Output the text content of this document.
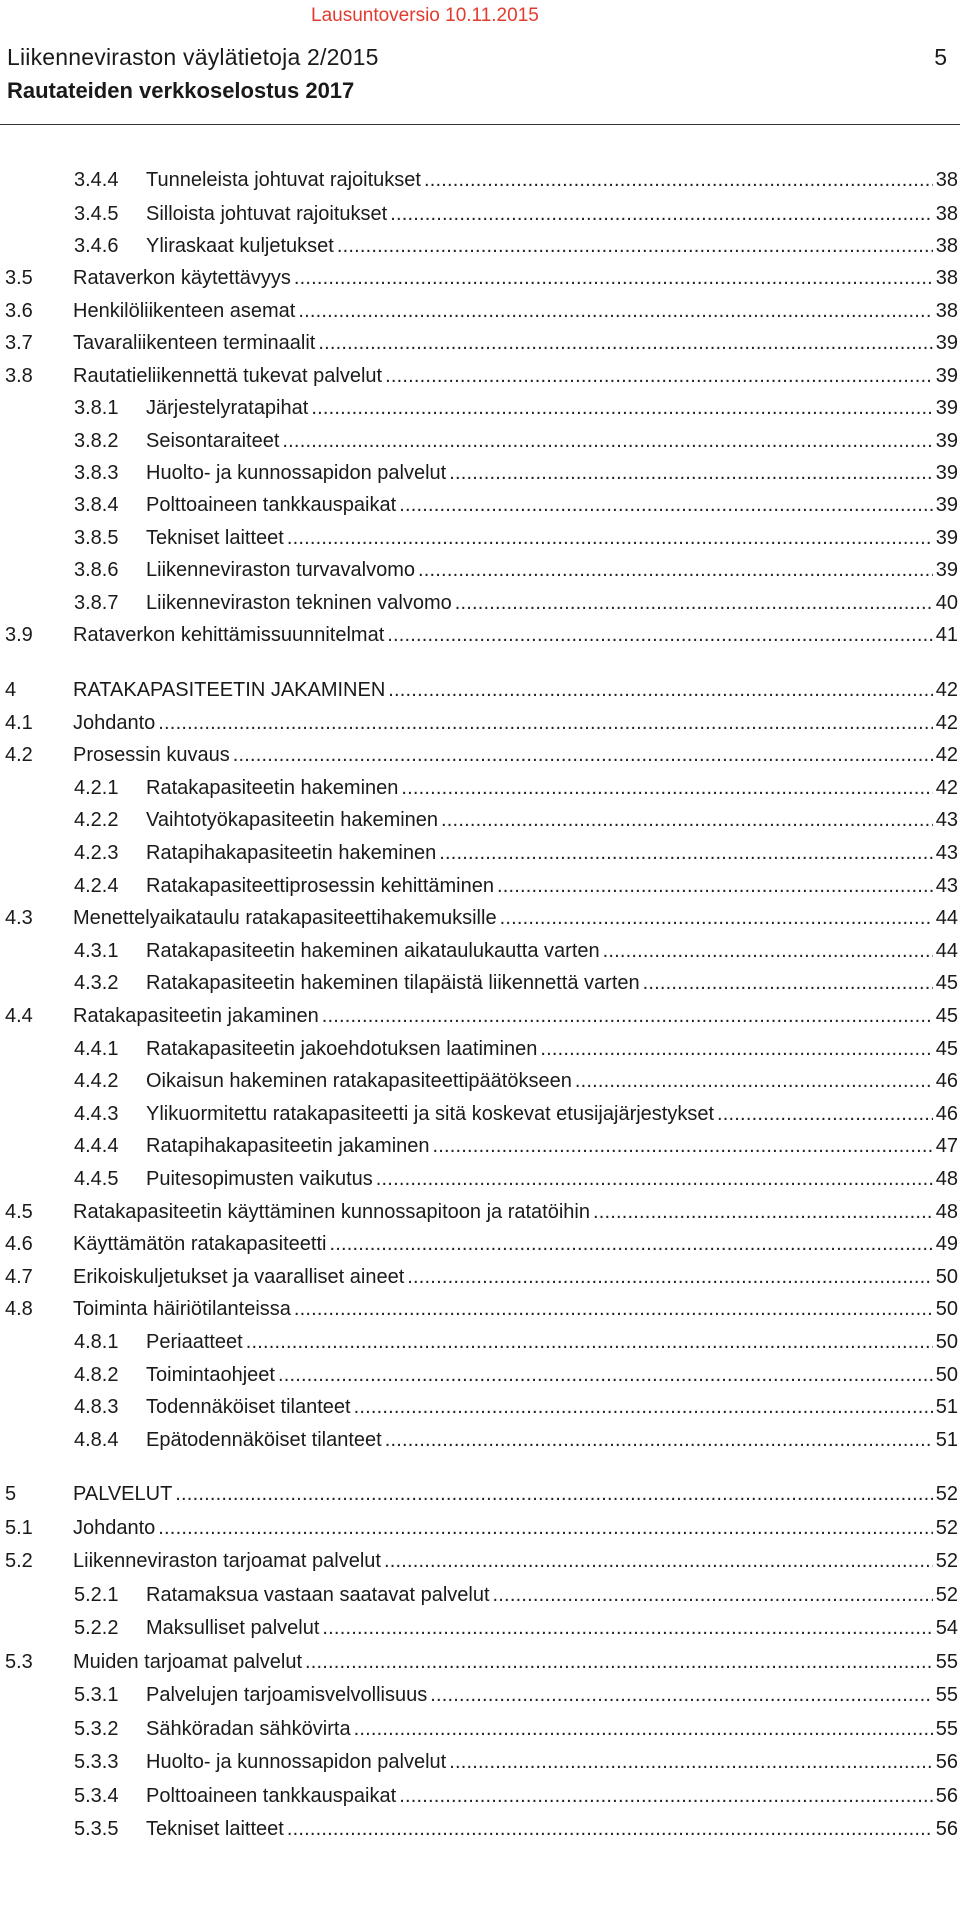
Lausuntoversio 10.11.2015
Liikenneviraston väylätietoja 2/2015
Rautateiden verkkoselostus 2017
5
3.4.4	Tunneleista johtuvat rajoitukset .....	38
3.4.5	Silloista johtuvat rajoitukset .....	38
3.4.6	Yliraskaat kuljetukset .....	38
3.5	Rataverkon käytettävyys .....	38
3.6	Henkilöliikenteen asemat .....	38
3.7	Tavaraliikenteen terminaalit .....	39
3.8	Rautatieliikennettä tukevat palvelut .....	39
3.8.1	Järjestelyratapihat .....	39
3.8.2	Seisontaraiteet .....	39
3.8.3	Huolto- ja kunnossapidon palvelut .....	39
3.8.4	Polttoaineen tankkauspaikat .....	39
3.8.5	Tekniset laitteet .....	39
3.8.6	Liikenneviraston turvavalvomo .....	39
3.8.7	Liikenneviraston tekninen valvomo .....	40
3.9	Rataverkon kehittämissuunnitelmat .....	41
4	RATAKAPASITEETIN JAKAMINEN .....	42
4.1	Johdanto .....	42
4.2	Prosessin kuvaus .....	42
4.2.1	Ratakapasiteetin hakeminen .....	42
4.2.2	Vaihtotyökapasiteetin hakeminen .....	43
4.2.3	Ratapihakapasiteetin hakeminen .....	43
4.2.4	Ratakapasiteettiprosessin kehittäminen .....	43
4.3	Menettelyaikataulu ratakapasiteettihakemuksille .....	44
4.3.1	Ratakapasiteetin hakeminen aikataulukautta varten .....	44
4.3.2	Ratakapasiteetin hakeminen tilapäistä liikennettä varten .....	45
4.4	Ratakapasiteetin jakaminen .....	45
4.4.1	Ratakapasiteetin jakoehdotuksen laatiminen .....	45
4.4.2	Oikaisun hakeminen ratakapasiteettipäätökseen .....	46
4.4.3	Ylikuormitettu ratakapasiteetti ja sitä koskevat etusijajärjestykset .....	46
4.4.4	Ratapihakapasiteetin jakaminen .....	47
4.4.5	Puitesopimusten vaikutus .....	48
4.5	Ratakapasiteetin käyttäminen kunnossapitoon ja ratatöihin .....	48
4.6	Käyttämätön ratakapasiteetti .....	49
4.7	Erikoiskuljetukset ja vaaralliset aineet .....	50
4.8	Toiminta häiriötilanteissa .....	50
4.8.1	Periaatteet .....	50
4.8.2	Toimintaohjeet .....	50
4.8.3	Todennäköiset tilanteet .....	51
4.8.4	Epätodennäköiset tilanteet .....	51
5	PALVELUT .....	52
5.1	Johdanto .....	52
5.2	Liikenneviraston tarjoamat palvelut .....	52
5.2.1	Ratamaksua vastaan saatavat palvelut .....	52
5.2.2	Maksulliset palvelut .....	54
5.3	Muiden tarjoamat palvelut .....	55
5.3.1	Palvelujen tarjoamisvelvollisuus .....	55
5.3.2	Sähköradan sähkövirta .....	55
5.3.3	Huolto- ja kunnossapidon palvelut .....	56
5.3.4	Polttoaineen tankkauspaikat .....	56
5.3.5	Tekniset laitteet .....	56
